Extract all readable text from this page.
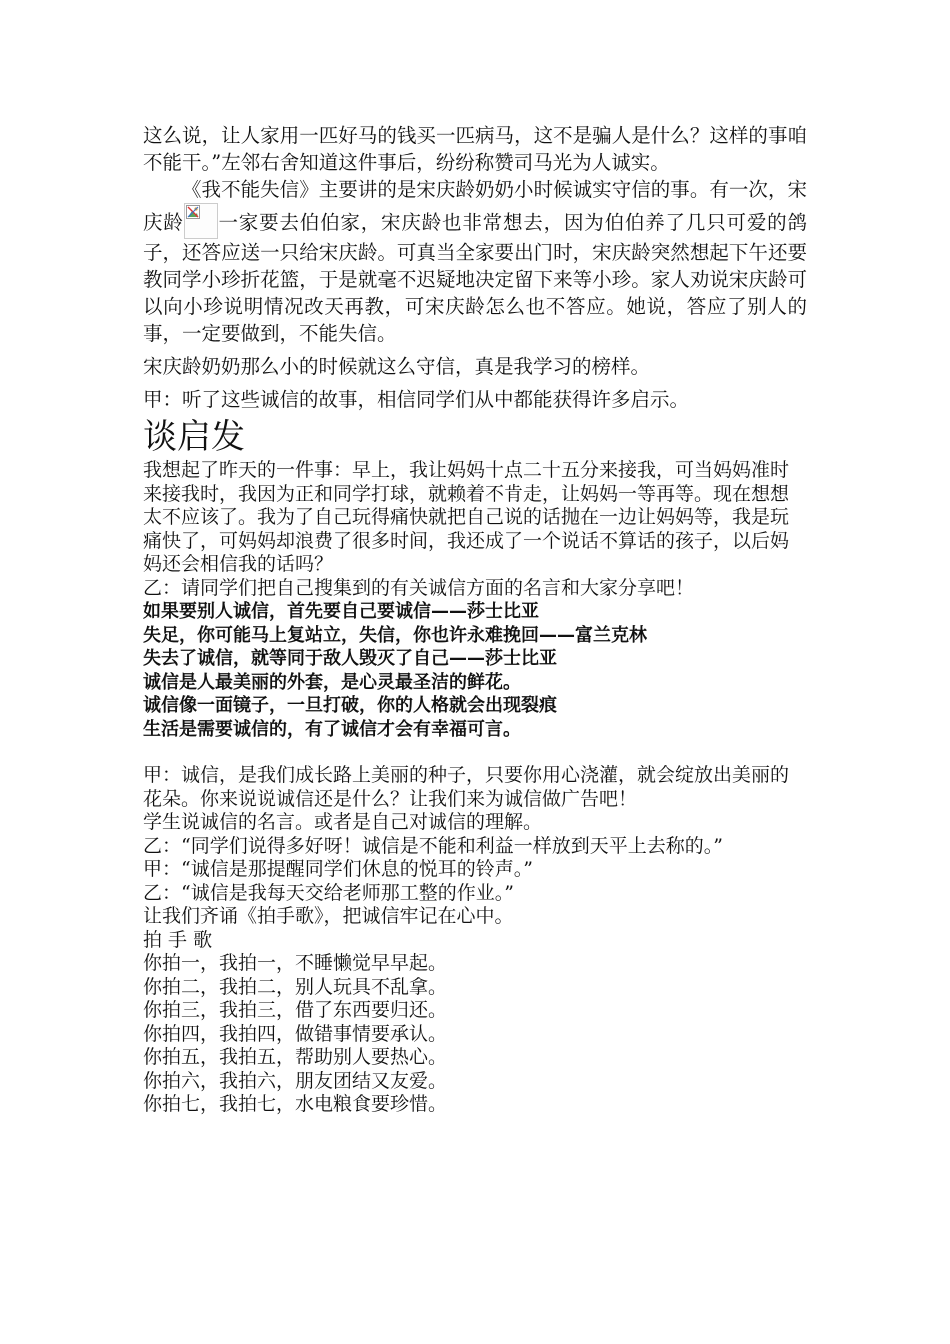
这么说，让人家用一匹好马的钱买一匹病马，这不是骗人是什么？这样的事咱不能干。”左邻右舍知道这件事后，纷纷称赞司马光为人诚实。

《我不能失信》主要讲的是宋庆龄奶奶小时候诚实守信的事。有一次，宋庆龄 一家要去伯伯家，宋庆龄也非常想去，因为伯伯养了几只可爱的鸽子，还答应送一只给宋庆龄。可真当全家要出门时，宋庆龄突然想起下午还要教同学小珍折花篮，于是就毫不迟疑地决定留下来等小珍。家人劝说宋庆龄可以向小珍说明情况改天再教，可宋庆龄怎么也不答应。她说，答应了别人的事，一定要做到，不能失信。

宋庆龄奶奶那么小的时候就这么守信，真是我学习的榜样。

甲：听了这些诚信的故事，相信同学们从中都能获得许多启示。

谈启发

我想起了昨天的一件事：早上，我让妈妈十点二十五分来接我，可当妈妈准时来接我时，我因为正和同学打球，就赖着不肯走，让妈妈一等再等。现在想想太不应该了。我为了自己玩得痛快就把自己说的话抛在一边让妈妈等，我是玩痛快了，可妈妈却浪费了很多时间，我还成了一个说话不算话的孩子，以后妈妈还会相信我的话吗？

乙：请同学们把自己搜集到的有关诚信方面的名言和大家分享吧！

如果要别人诚信，首先要自己要诚信——莎士比亚

失足，你可能马上复站立，失信，你也许永难挽回——富兰克林

失去了诚信，就等同于敌人毁灭了自己——莎士比亚

诚信是人最美丽的外套，是心灵最圣洁的鲜花。

诚信像一面镜子，一旦打破，你的人格就会出现裂痕

生活是需要诚信的，有了诚信才会有幸福可言。

甲：诚信，是我们成长路上美丽的种子，只要你用心浇灌，就会绽放出美丽的花朵。你来说说诚信还是什么？让我们来为诚信做广告吧！

学生说诚信的名言。或者是自己对诚信的理解。

乙：“同学们说得多好呀！诚信是不能和利益一样放到天平上去称的。”

甲：“诚信是那提醒同学们休息的悦耳的铃声。”

乙：“诚信是我每天交给老师那工整的作业。”

让我们齐诵《拍手歌》，把诚信牢记在心中。

拍 手 歌

你拍一，我拍一，不睡懒觉早早起。

你拍二，我拍二，别人玩具不乱拿。

你拍三，我拍三，借了东西要归还。

你拍四，我拍四，做错事情要承认。

你拍五，我拍五，帮助别人要热心。

你拍六，我拍六，朋友团结又友爱。

你拍七，我拍七，水电粮食要珍惜。
